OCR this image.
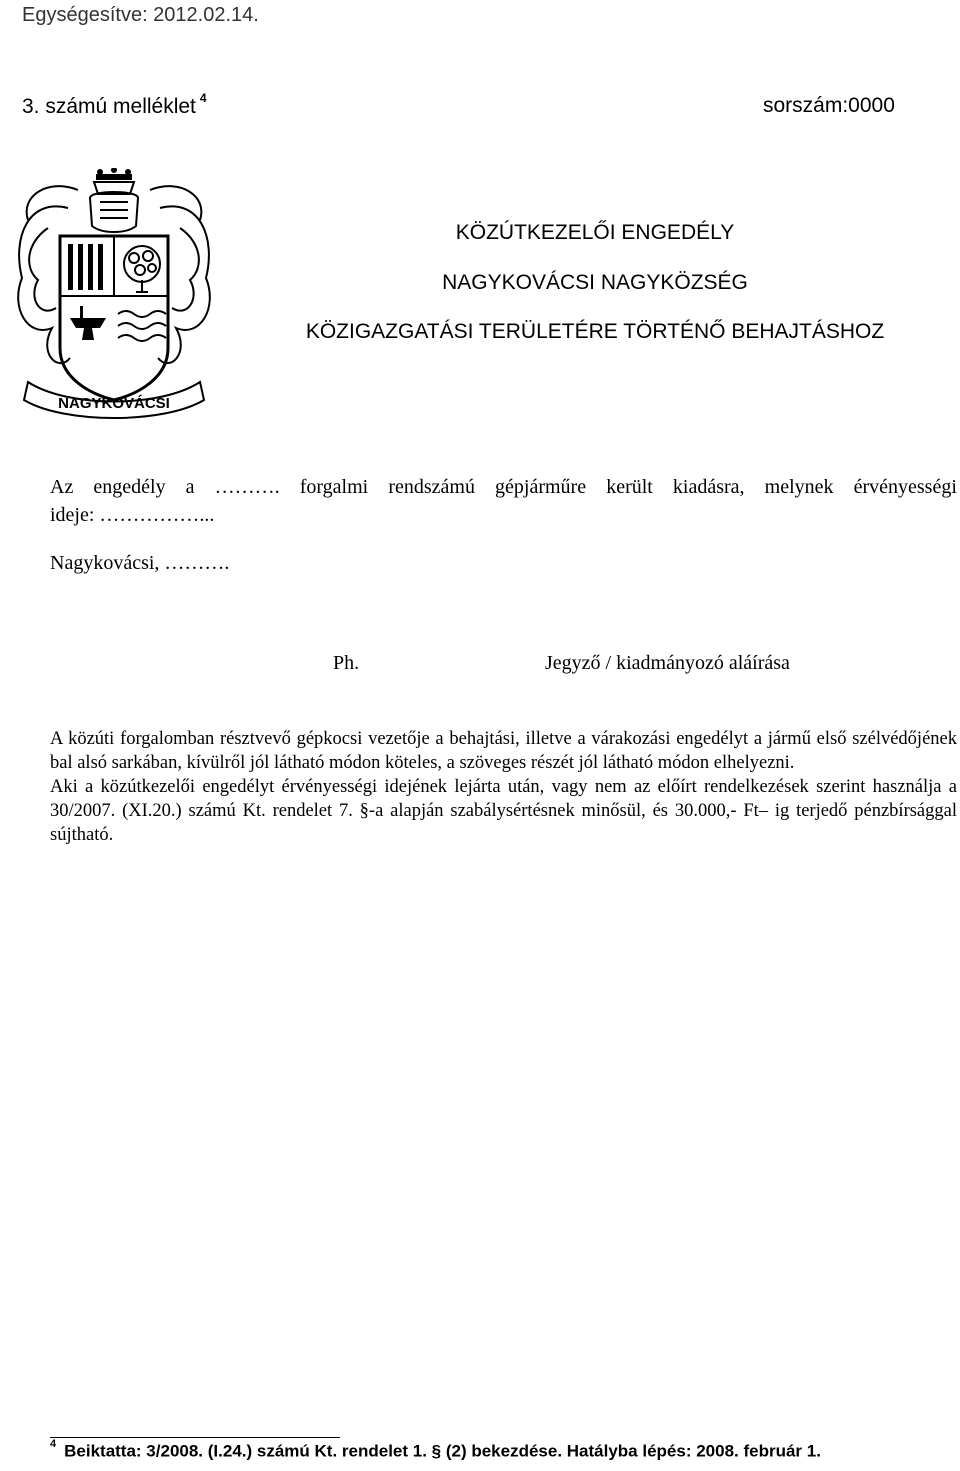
Egységesítve: 2012.02.14.
3. számú melléklet $^4$	sorszám:0000
NAGYKOVÁCSI
KÖZÚTKEZELŐI ENGEDÉLY
NAGYKOVÁCSI NAGYKÖZSÉG
KÖZIGAZGATÁSI TERÜLETÉRE TÖRTÉNŐ BEHAJTÁSHOZ
Az engedély a ………. forgalmi rendszámú gépjárműre került kiadásra, melynek érvényességi
ideje: ……………...
Nagykovácsi, ……….
Ph.	Jegyző / kiadmányozó aláírása

A közúti forgalomban résztvevő gépkocsi vezetője a behajtási, illetve a várakozási engedélyt a jármű első szélvédőjének bal alsó sarkában, kívülről jól látható módon köteles, a szöveges részét jól látható módon elhelyezni.

Aki a közútkezelői engedélyt érvényességi idejének lejárta után, vagy nem az előírt rendelkezések szerint használja a 30/2007. (XI.20.) számú Kt. rendelet 7. §-a alapján szabálysértésnek minősül, és 30.000,- Ft– ig terjedő pénzbírsággal sújtható.

$^4$ Beiktatta: 3/2008. (I.24.) számú Kt. rendelet 1. § (2) bekezdése. Hatályba lépés: 2008. február 1.
